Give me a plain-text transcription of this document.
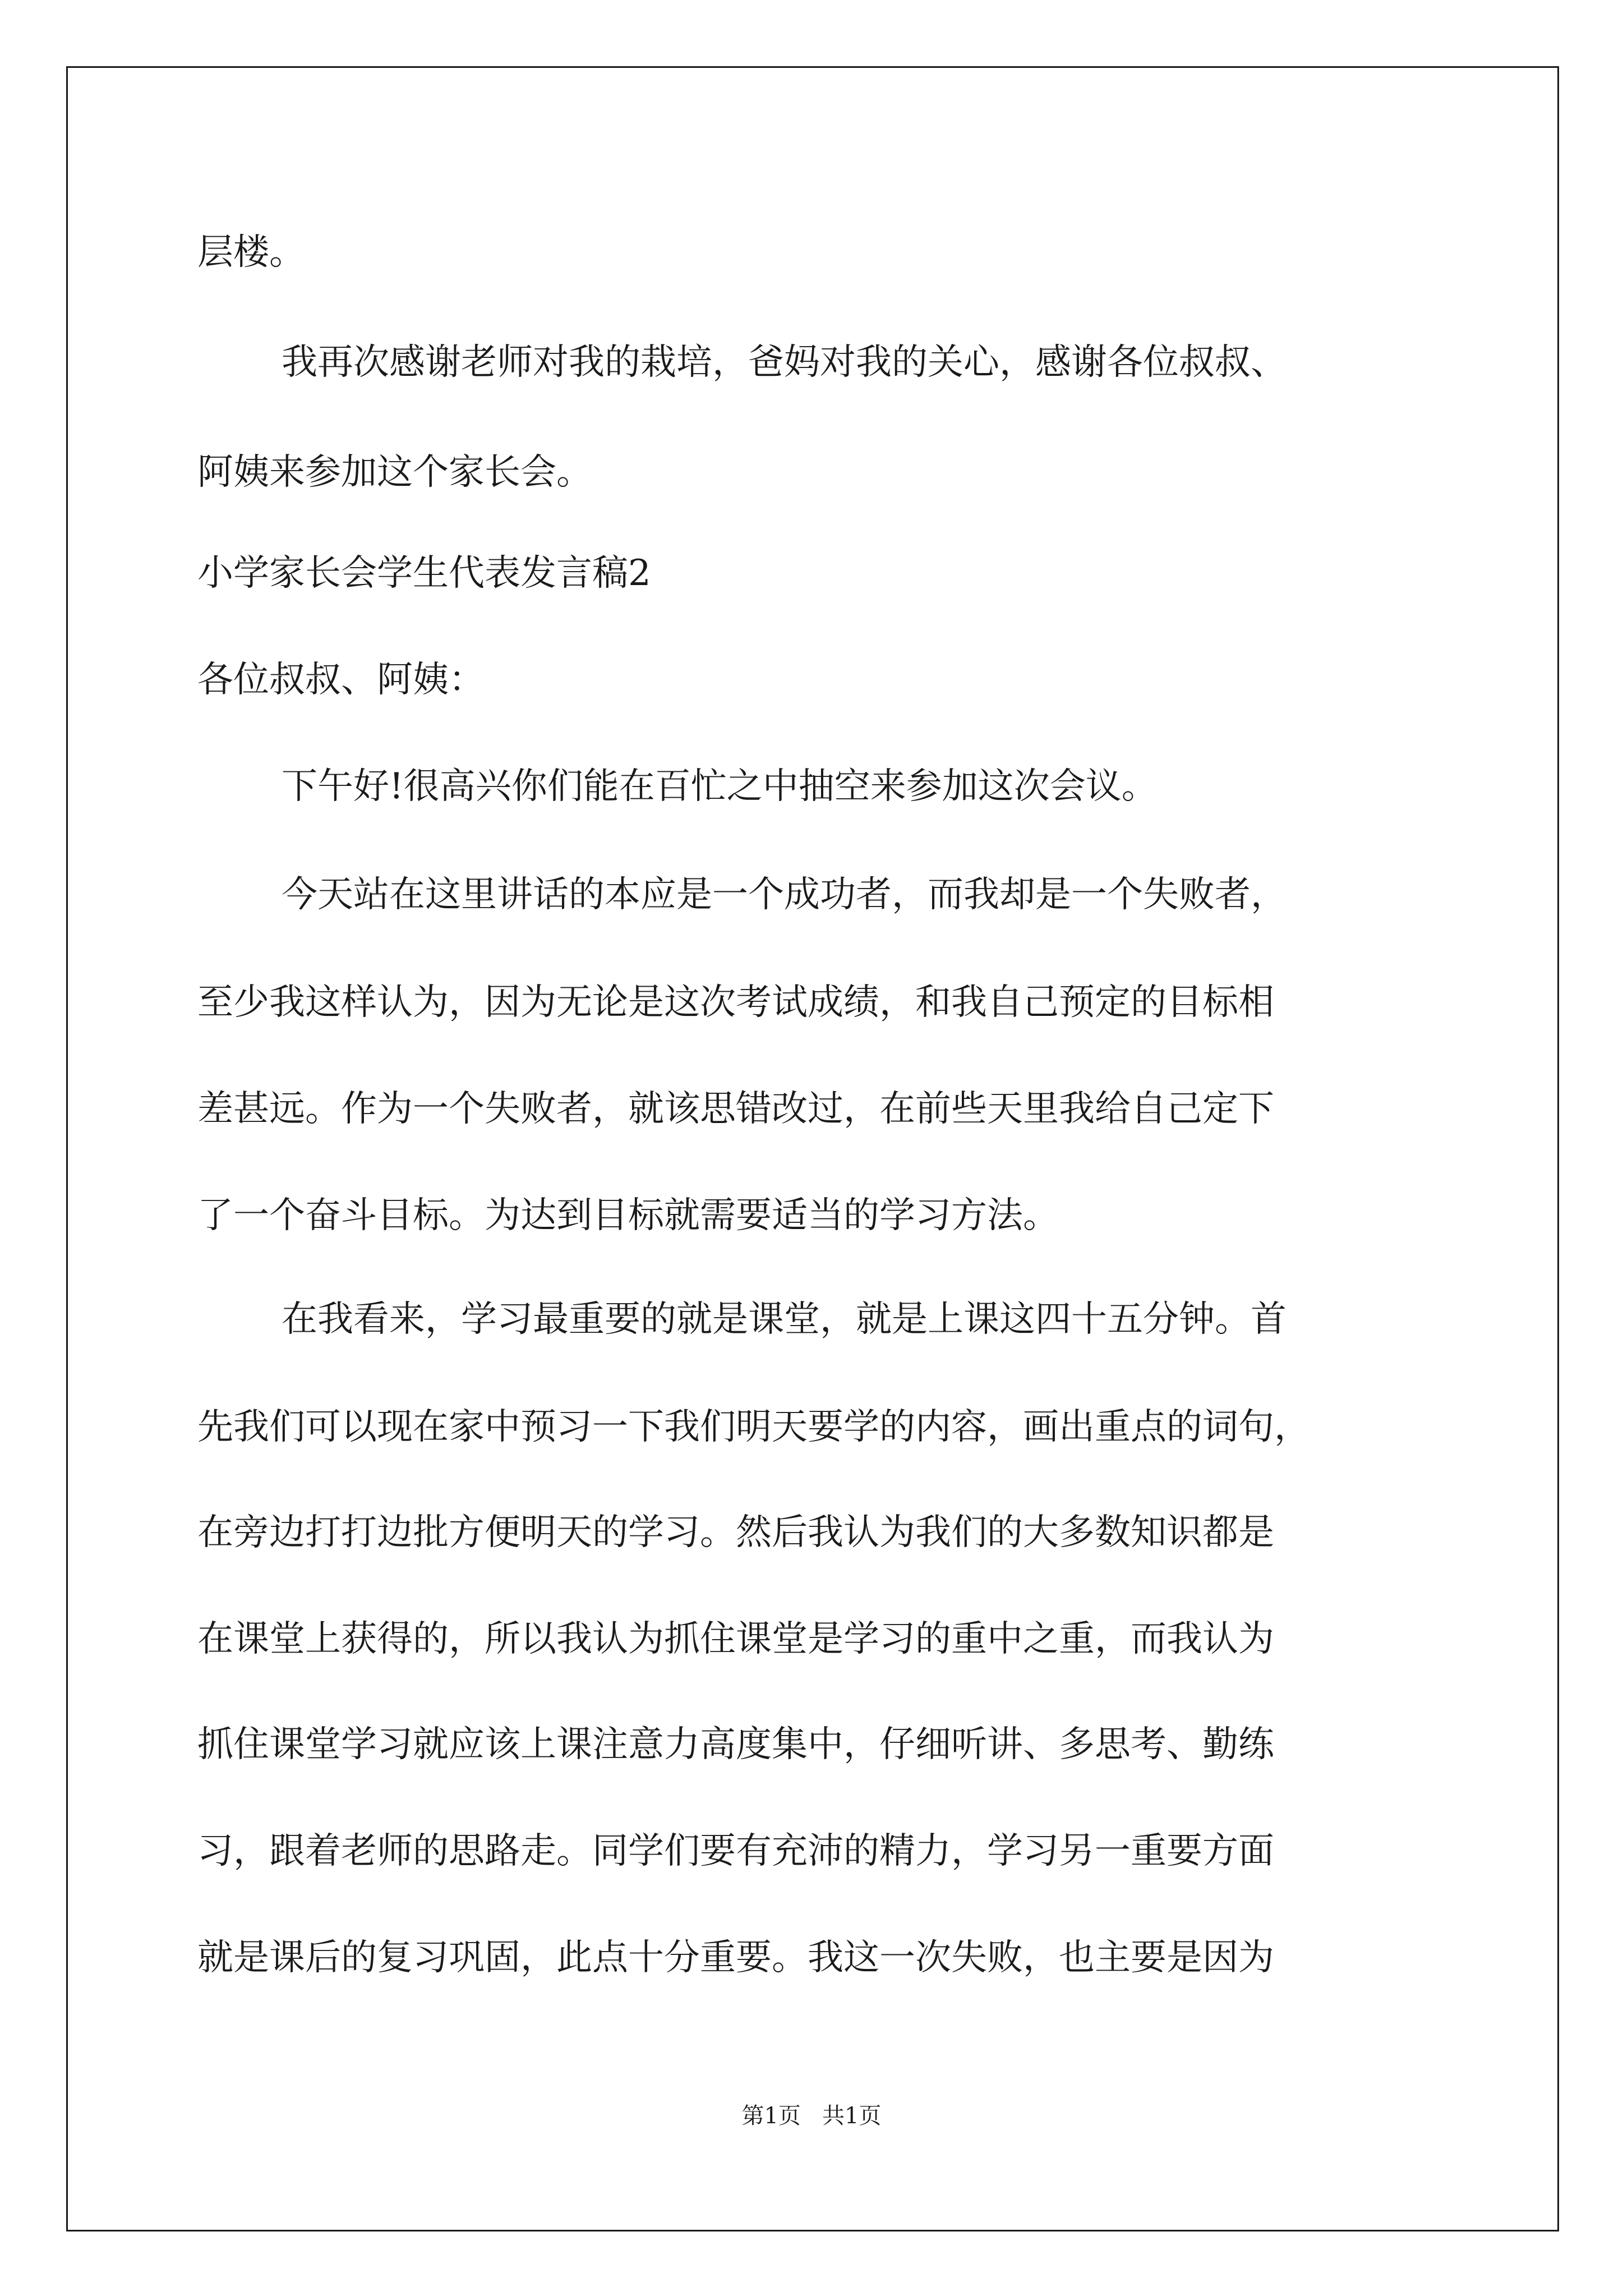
层楼。

我再次感谢老师对我的栽培，爸妈对我的关心，感谢各位叔叔、

阿姨来参加这个家长会。

小学家长会学生代表发言稿2

各位叔叔、阿姨：

下午好!很高兴你们能在百忙之中抽空来参加这次会议。

今天站在这里讲话的本应是一个成功者，而我却是一个失败者，

至少我这样认为，因为无论是这次考试成绩，和我自己预定的目标相

差甚远。作为一个失败者，就该思错改过，在前些天里我给自己定下

了一个奋斗目标。为达到目标就需要适当的学习方法。

在我看来，学习最重要的就是课堂，就是上课这四十五分钟。首

先我们可以现在家中预习一下我们明天要学的内容，画出重点的词句，

在旁边打打边批方便明天的学习。然后我认为我们的大多数知识都是

在课堂上获得的，所以我认为抓住课堂是学习的重中之重，而我认为

抓住课堂学习就应该上课注意力高度集中，仔细听讲、多思考、勤练

习，跟着老师的思路走。同学们要有充沛的精力，学习另一重要方面

就是课后的复习巩固，此点十分重要。我这一次失败，也主要是因为

第1页   共1页
